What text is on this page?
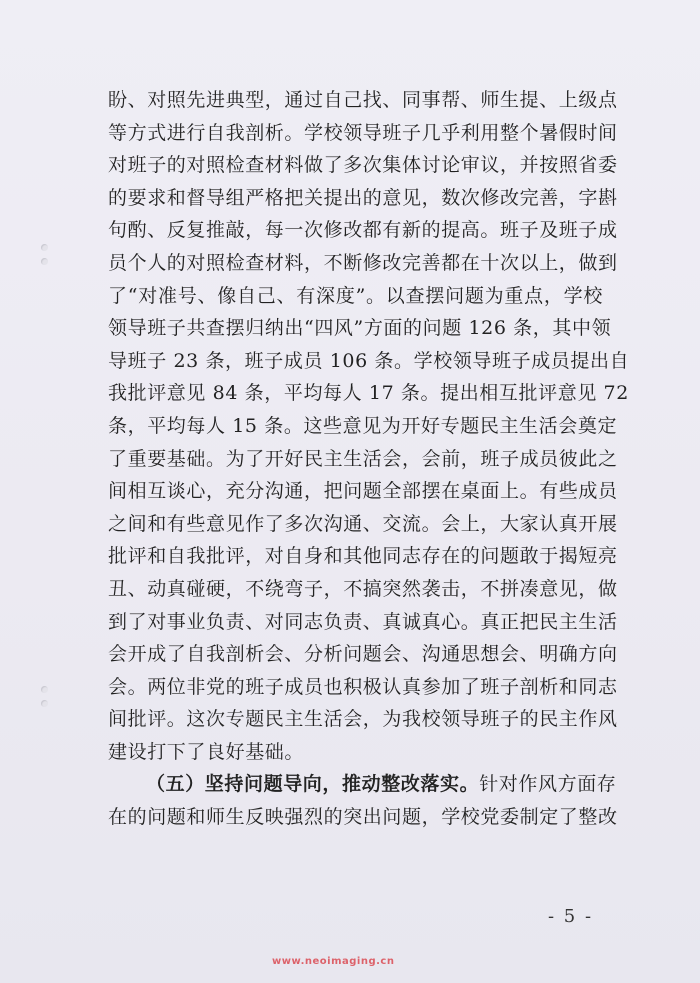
盼、对照先进典型，通过自己找、同事帮、师生提、上级点
等方式进行自我剖析。学校领导班子几乎利用整个暑假时间
对班子的对照检查材料做了多次集体讨论审议，并按照省委
的要求和督导组严格把关提出的意见，数次修改完善，字斟
句酌、反复推敲，每一次修改都有新的提高。班子及班子成
员个人的对照检查材料，不断修改完善都在十次以上，做到
了“对准号、像自己、有深度”。以查摆问题为重点，学校
领导班子共查摆归纳出“四风”方面的问题 126 条，其中领
导班子 23 条，班子成员 106 条。学校领导班子成员提出自
我批评意见 84 条，平均每人 17 条。提出相互批评意见 72
条，平均每人 15 条。这些意见为开好专题民主生活会奠定
了重要基础。为了开好民主生活会，会前，班子成员彼此之
间相互谈心，充分沟通，把问题全部摆在桌面上。有些成员
之间和有些意见作了多次沟通、交流。会上，大家认真开展
批评和自我批评，对自身和其他同志存在的问题敢于揭短亮
丑、动真碰硬，不绕弯子，不搞突然袭击，不拼凑意见，做
到了对事业负责、对同志负责、真诚真心。真正把民主生活
会开成了自我剖析会、分析问题会、沟通思想会、明确方向
会。两位非党的班子成员也积极认真参加了班子剖析和同志
间批评。这次专题民主生活会，为我校领导班子的民主作风
建设打下了良好基础。
（五）坚持问题导向，推动整改落实。针对作风方面存
在的问题和师生反映强烈的突出问题，学校党委制定了整改
- 5 -
www.neoimaging.cn
